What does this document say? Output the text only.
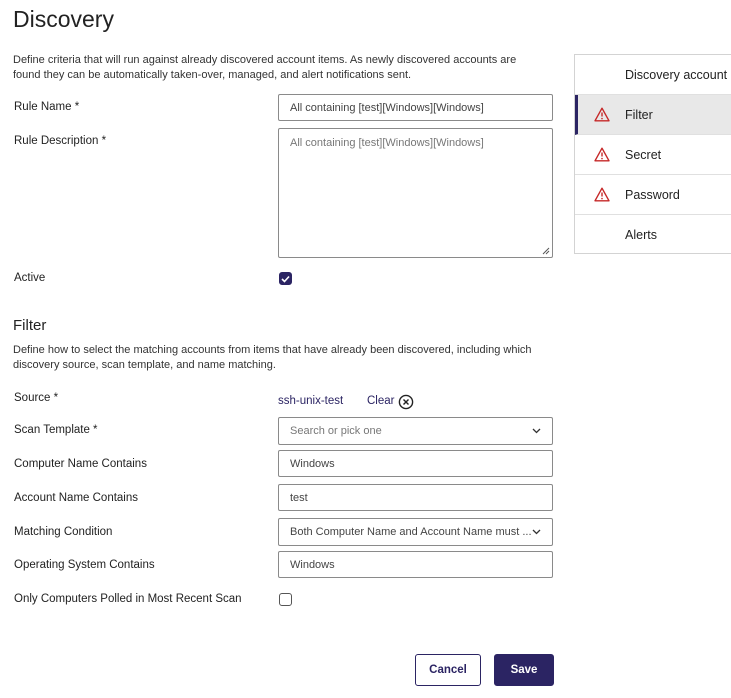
Discovery
Define criteria that will run against already discovered account items. As newly discovered accounts are
found they can be automatically taken-over, managed, and alert notifications sent.
Rule Name *	All containing [test][Windows][Windows]
Rule Description *	All containing [test][Windows][Windows]
Active
Filter
Define how to select the matching accounts from items that have already been discovered, including which
discovery source, scan template, and name matching.
Source *	ssh-unix-test Clear
Scan Template *	Search or pick one
Computer Name Contains	Windows
Account Name Contains	test
Matching Condition	Both Computer Name and Account Name must ...
Operating System Contains	Windows
Only Computers Polled in Most Recent Scan
Cancel	Save
Discovery account
Filter
Secret
Password
Alerts
